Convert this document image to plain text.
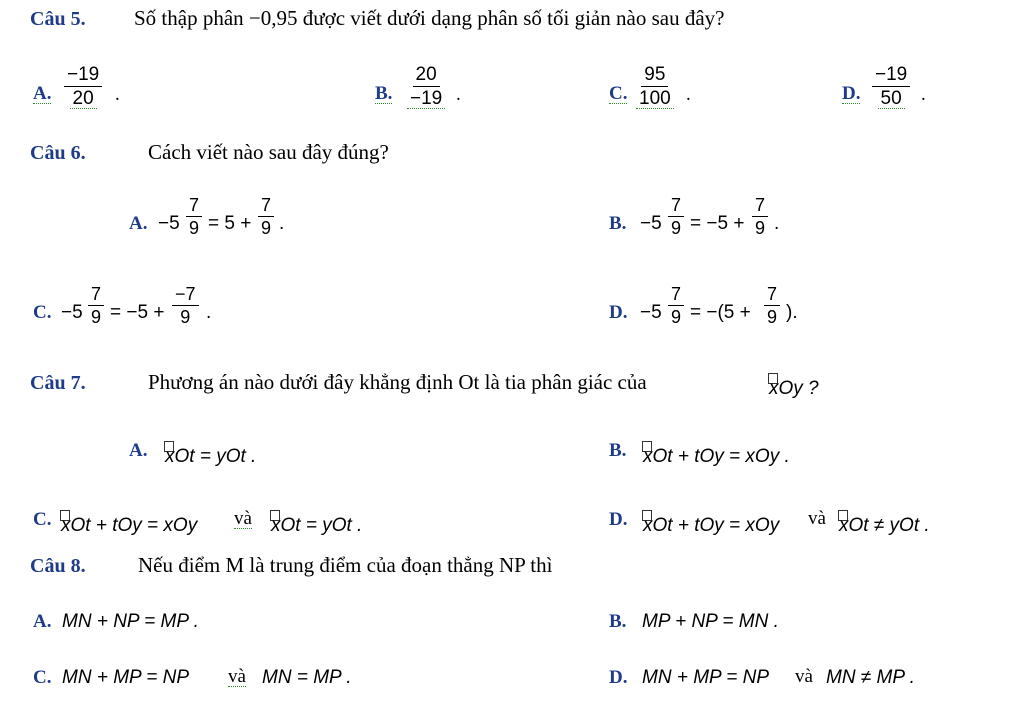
Câu 5. Số thập phân −0,95 được viết dưới dạng phân số tối giản nào sau đây?
A. $\frac{-19}{20}$ .	B. $\frac{20}{-19}$ .	C. $\frac{95}{100}$ .	D. $\frac{-19}{50}$ .
Câu 6.	Cách viết nào sau đây đúng?
A. $-5 \frac{7}{9} = 5 + \frac{7}{9}$ .	B. $-5 \frac{7}{9} = -5 + \frac{7}{9}$ .
C. $-5 \frac{7}{9} = -5 + \frac{-7}{9}$ .	D. $-5 \frac{7}{9} = -(5 + \frac{7}{9}$ ).
Câu 7.	Phương án nào dưới đây khẳng định Ot là tia phân giác của	xOy ?
A. xOt = yOt .	B. xOt + tOy = xOy .
C. xOt + tOy = xOy và xOt = yOt .	D. xOt + tOy = xOy và xOt ≠ yOt .
Câu 8. Nếu điểm M là trung điểm của đoạn thẳng NP thì
A. MN + NP = MP .	B. MP + NP = MN .
C. MN + MP = NP và MN = MP .	D. MN + MP = NP và MN ≠ MP .
